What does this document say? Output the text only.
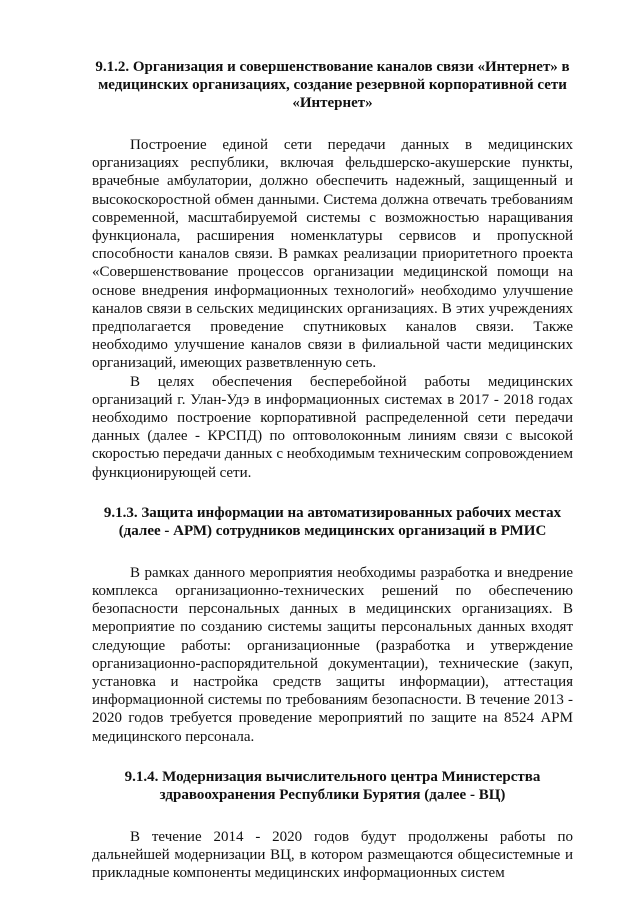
9.1.2. Организация и совершенствование каналов связи «Интернет» в медицинских организациях, создание резервной корпоративной сети «Интернет»

Построение единой сети передачи данных в медицинских организациях республики, включая фельдшерско-акушерские пункты, врачебные амбулатории, должно обеспечить надежный, защищенный и высокоскоростной обмен данными. Система должна отвечать требованиям современной, масштабируемой системы с возможностью наращивания функционала, расширения номенклатуры сервисов и пропускной способности каналов связи. В рамках реализации приоритетного проекта «Совершенствование процессов организации медицинской помощи на основе внедрения информационных технологий» необходимо улучшение каналов связи в сельских медицинских организациях. В этих учреждениях предполагается проведение спутниковых каналов связи. Также необходимо улучшение каналов связи в филиальной части медицинских организаций, имеющих разветвленную сеть.

В целях обеспечения бесперебойной работы медицинских организаций г. Улан-Удэ в информационных системах в 2017 - 2018 годах необходимо построение корпоративной распределенной сети передачи данных (далее - КРСПД) по оптоволоконным линиям связи с высокой скоростью передачи данных с необходимым техническим сопровождением функционирующей сети.

9.1.3. Защита информации на автоматизированных рабочих местах (далее - АРМ) сотрудников медицинских организаций в РМИС

В рамках данного мероприятия необходимы разработка и внедрение комплекса организационно-технических решений по обеспечению безопасности персональных данных в медицинских организациях. В мероприятие по созданию системы защиты персональных данных входят следующие работы: организационные (разработка и утверждение организационно-распорядительной документации), технические (закуп, установка и настройка средств защиты информации), аттестация информационной системы по требованиям безопасности. В течение 2013 - 2020 годов требуется проведение мероприятий по защите на 8524 АРМ медицинского персонала.

9.1.4. Модернизация вычислительного центра Министерства здравоохранения Республики Бурятия (далее - ВЦ)

В течение 2014 - 2020 годов будут продолжены работы по дальнейшей модернизации ВЦ, в котором размещаются общесистемные и прикладные компоненты медицинских информационных систем
